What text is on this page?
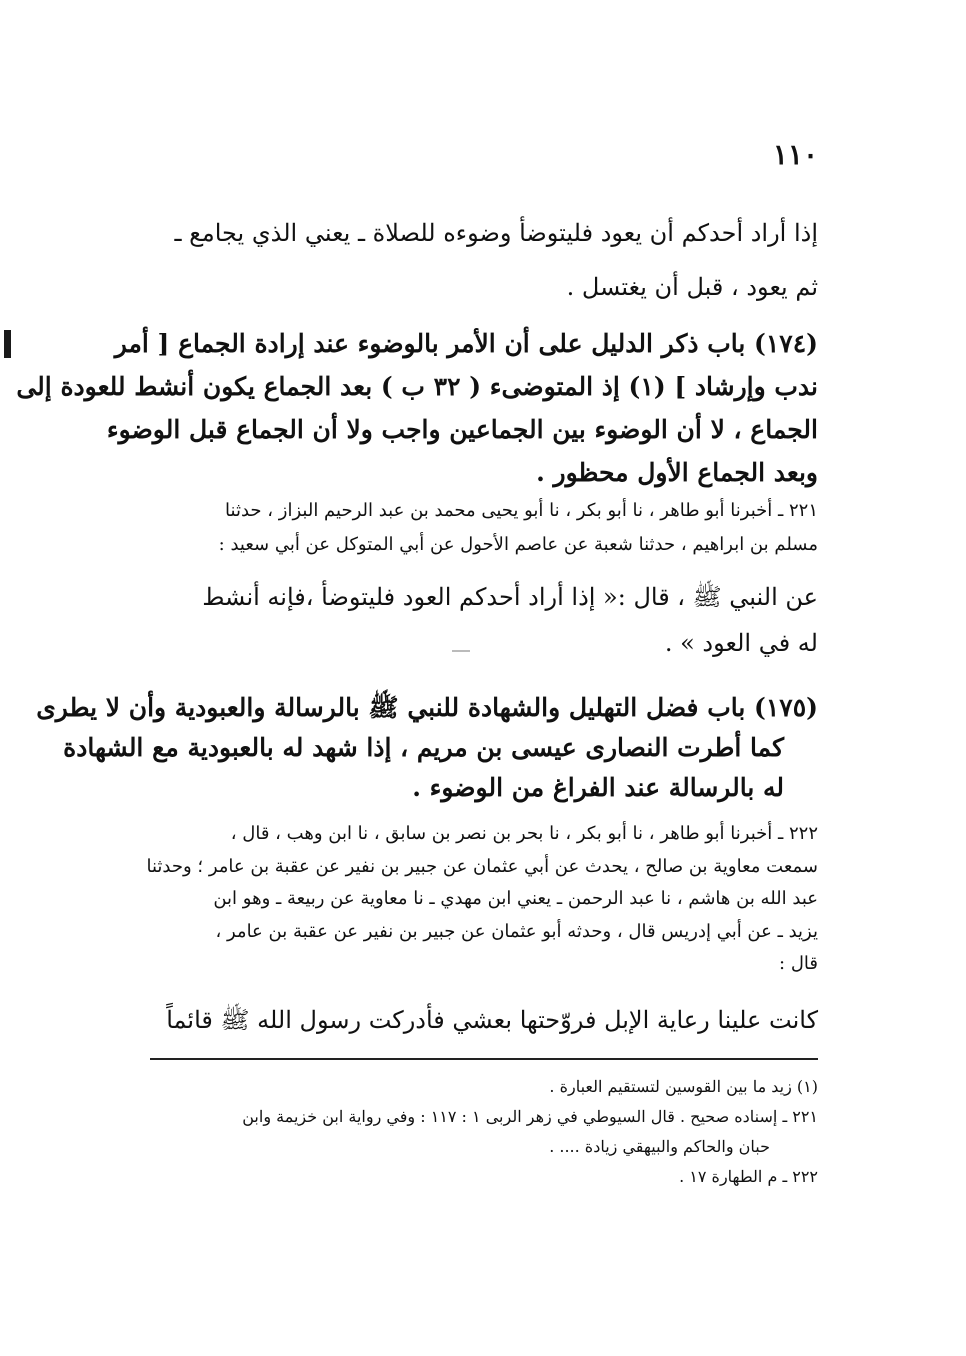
١١٠
إذا أراد أحدكم أن يعود فليتوضأ وضوءه للصلاة ـ يعني الذي يجامع ـ
ثم يعود ، قبل أن يغتسل .
(١٧٤) باب ذكر الدليل على أن الأمر بالوضوء عند إرادة الجماع [ أمر
ندب وإرشاد ] (١) إذ المتوضىء ( ٣٢ ب ) بعد الجماع يكون أنشط للعودة إلى
الجماع ، لا أن الوضوء بين الجماعين واجب ولا أن الجماع قبل الوضوء
وبعد الجماع الأول محظور .
٢٢١ ـ أخبرنا أبو طاهر ، نا أبو بكر ، نا أبو يحيى محمد بن عبد الرحيم البزاز ، حدثنا
مسلم بن ابراهيم ، حدثنا شعبة عن عاصم الأحول عن أبي المتوكل عن أبي سعيد :
عن النبي ﷺ ، قال :« إذا أراد أحدكم العود فليتوضأ ،فإنه أنشط
له في العود » .
(١٧٥) باب فضل التهليل والشهادة للنبي ﷺ بالرسالة والعبودية وأن لا يطرى
كما أطرت النصارى عيسى بن مريم ، إذا شهد له بالعبودية مع الشهادة
له بالرسالة عند الفراغ من الوضوء .
٢٢٢ ـ أخبرنا أبو طاهر ، نا أبو بكر ، نا بحر بن نصر بن سابق ، نا ابن وهب ، قال ،
سمعت معاوية بن صالح ، يحدث عن أبي عثمان عن جبير بن نفير عن عقبة بن عامر ؛ وحدثنا
عبد الله بن هاشم ، نا عبد الرحمن ـ يعني ابن مهدي ـ نا معاوية عن ربيعة ـ وهو ابن
يزيد ـ عن أبي إدريس قال ، وحدثه أبو عثمان عن جبير بن نفير عن عقبة بن عامر ،
قال :
كانت علينا رعاية الإبل فروّحتها بعشي فأدركت رسول الله ﷺ قائماً
(١) زيد ما بين القوسين لتستقيم العبارة .
٢٢١ ـ إسناده صحيح . قال السيوطي في زهر الربى ١ : ١١٧ : وفي رواية ابن خزيمة وابن
حبان والحاكم والبيهقي زيادة .... .
٢٢٢ ـ م الطهارة ١٧ .
